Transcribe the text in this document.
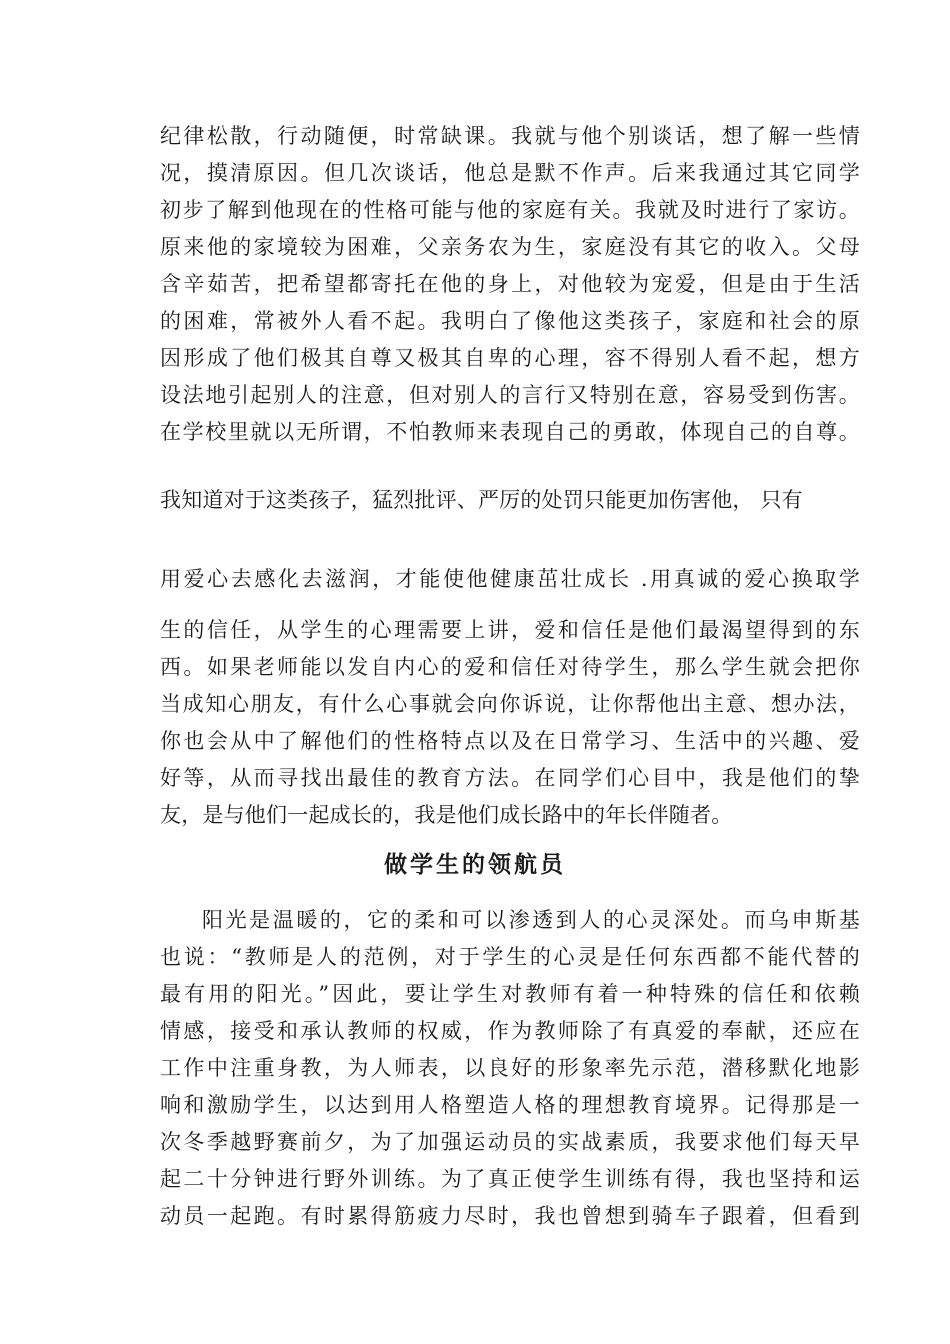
纪律松散，行动随便，时常缺课。我就与他个别谈话，想了解一些情
况，摸清原因。但几次谈话，他总是默不作声。后来我通过其它同学
初步了解到他现在的性格可能与他的家庭有关。我就及时进行了家访。
原来他的家境较为困难，父亲务农为生，家庭没有其它的收入。父母
含辛茹苦，把希望都寄托在他的身上，对他较为宠爱，但是由于生活
的困难，常被外人看不起。我明白了像他这类孩子，家庭和社会的原
因形成了他们极其自尊又极其自卑的心理，容不得别人看不起，想方
设法地引起别人的注意，但对别人的言行又特别在意，容易受到伤害。
在学校里就以无所谓，不怕教师来表现自己的勇敢，体现自己的自尊。
我知道对于这类孩子，猛烈批评、严厉的处罚只能更加伤害他， 只有
用爱心去感化去滋润，才能使他健康茁壮成长 .用真诚的爱心换取学
生的信任，从学生的心理需要上讲，爱和信任是他们最渴望得到的东
西。如果老师能以发自内心的爱和信任对待学生，那么学生就会把你
当成知心朋友，有什么心事就会向你诉说，让你帮他出主意、想办法，
你也会从中了解他们的性格特点以及在日常学习、生活中的兴趣、爱
好等，从而寻找出最佳的教育方法。在同学们心目中，我是他们的挚
友，是与他们一起成长的，我是他们成长路中的年长伴随者。
做学生的领航员
阳光是温暖的，它的柔和可以渗透到人的心灵深处。而乌申斯基
也说：“教师是人的范例，对于学生的心灵是任何东西都不能代替的
最有用的阳光。”因此，要让学生对教师有着一种特殊的信任和依赖
情感，接受和承认教师的权威，作为教师除了有真爱的奉献，还应在
工作中注重身教，为人师表，以良好的形象率先示范，潜移默化地影
响和激励学生，以达到用人格塑造人格的理想教育境界。记得那是一
次冬季越野赛前夕，为了加强运动员的实战素质，我要求他们每天早
起二十分钟进行野外训练。为了真正使学生训练有得，我也坚持和运
动员一起跑。有时累得筋疲力尽时，我也曾想到骑车子跟着，但看到
